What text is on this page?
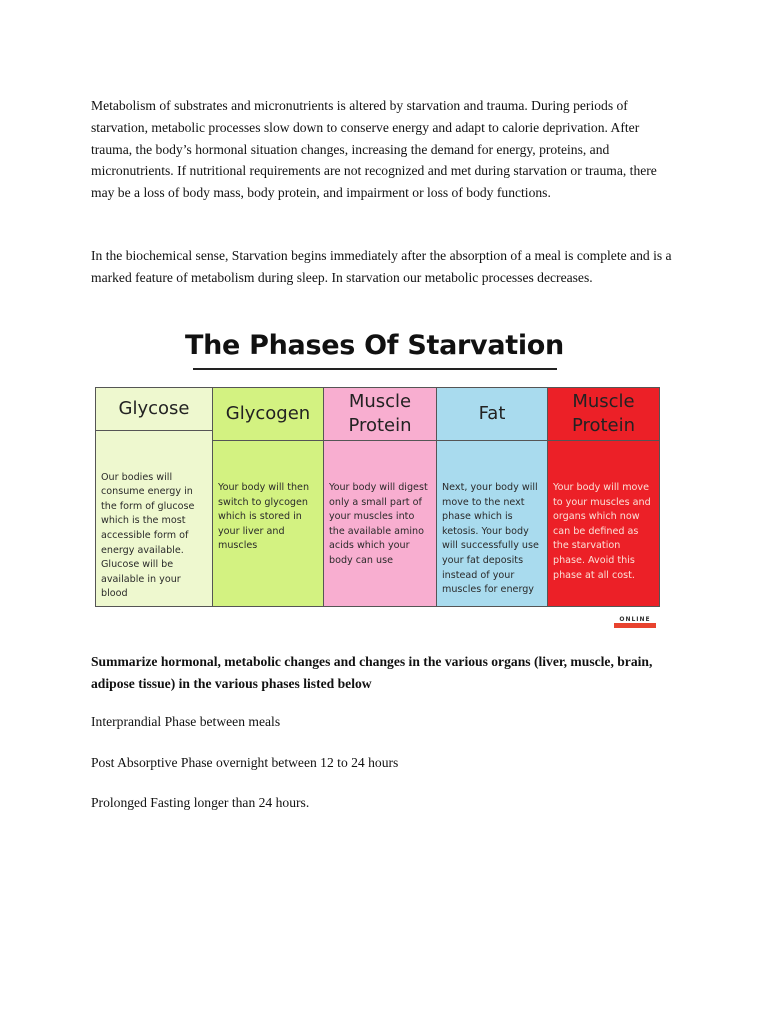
Metabolism of substrates and micronutrients is altered by starvation and trauma. During periods of starvation, metabolic processes slow down to conserve energy and adapt to calorie deprivation. After trauma, the body’s hormonal situation changes, increasing the demand for energy, proteins, and micronutrients. If nutritional requirements are not recognized and met during starvation or trauma, there may be a loss of body mass, body protein, and impairment or loss of body functions.

In the biochemical sense, Starvation begins immediately after the absorption of a meal is complete and is a marked feature of metabolism during sleep. In starvation our metabolic processes decreases.

The Phases Of Starvation
Glycose
Our bodies will consume energy in the form of glucose which is the most accessible form of energy available. Glucose will be available in your blood
Glycogen
Your body will then switch to glycogen which is stored in your liver and muscles
Muscle
Protein
Your body will digest only a small part of your muscles into the available amino acids which your body can use
Fat
Next, your body will move to the next phase which is ketosis. Your body will successfully use your fat deposits instead of your muscles for energy
Muscle
Protein
Your body will move to your muscles and organs which now can be defined as the starvation phase. Avoid this phase at all cost.
ONLINE

Summarize hormonal, metabolic changes and changes in the various organs (liver, muscle, brain, adipose tissue) in the various phases listed below

Interprandial Phase between meals

Post Absorptive Phase overnight between 12 to 24 hours

Prolonged Fasting longer than 24 hours.
